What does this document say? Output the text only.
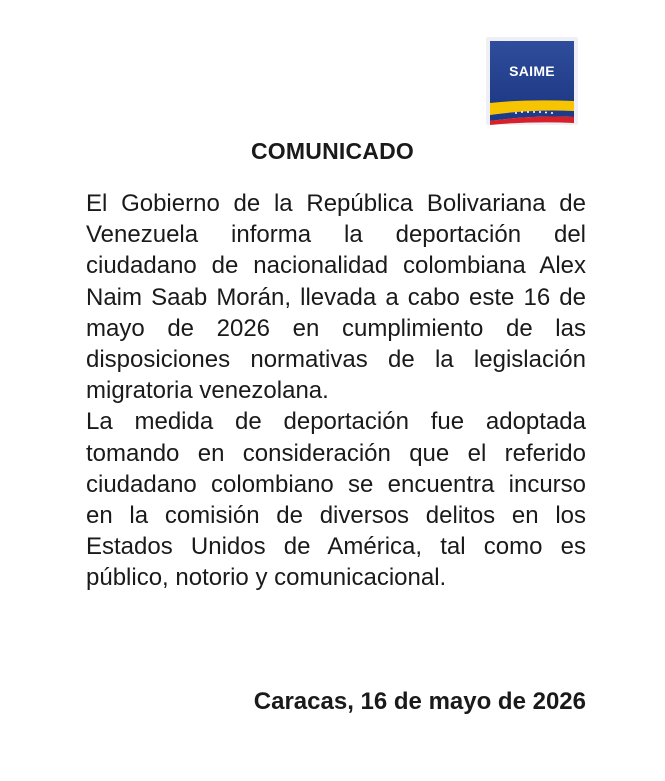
SAIME
COMUNICADO

El Gobierno de la República Bolivariana de Venezuela informa la deportación del ciudadano de nacionalidad colombiana Alex Naim Saab Morán, llevada a cabo este 16 de mayo de 2026 en cumplimiento de las disposiciones normativas de la legislación migratoria venezolana.

La medida de deportación fue adoptada tomando en consideración que el referido ciudadano colombiano se encuentra incurso en la comisión de diversos delitos en los Estados Unidos de América, tal como es público, notorio y comunicacional.

Caracas, 16 de mayo de 2026
